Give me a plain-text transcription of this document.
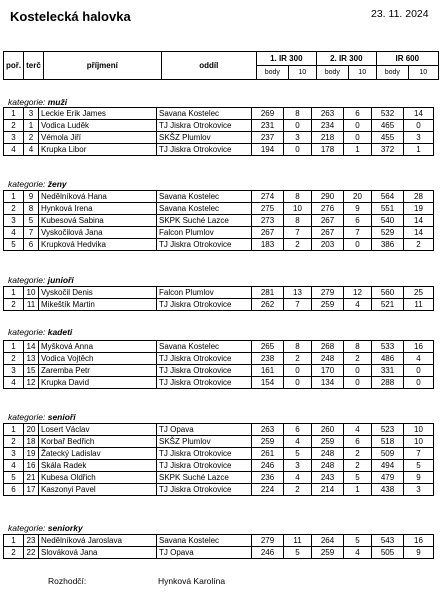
Kostelecká halovka	23. 11. 2024
poř.	terč	příjmení	oddíl	1. IR 300		2. IR 300		IR 600	
				body	10	body	10	body	10
kategorie: muži
1	3	Leckie Erik James	Savana Kostelec	269	8	263	6	532	14
2	1	Vodica Luděk	TJ Jiskra Otrokovice	231	0	234	0	465	0
3	2	Vémola Jiří	SKŠZ Plumlov	237	3	218	0	455	3
4	4	Krupka Libor	TJ Jiskra Otrokovice	194	0	178	1	372	1
kategorie: ženy
1	9	Nedělníková Hana	Savana Kostelec	274	8	290	20	564	28
2	8	Hynková Irena	Savana Kostelec	275	10	276	9	551	19
3	5	Kubesová Sabina	SKPK Suché Lazce	273	8	267	6	540	14
4	7	Vyskočilová Jana	Falcon Plumlov	267	7	267	7	529	14
5	6	Krupková Hedvika	TJ Jiskra Otrokovice	183	2	203	0	386	2
kategorie: junioři
1	10	Vyskočil Denis	Falcon Plumlov	281	13	279	12	560	25
2	11	Mikeštík Martin	TJ Jiskra Otrokovice	262	7	259	4	521	11
kategorie: kadeti
1	14	Myšková Anna	Savana Kostelec	265	8	268	8	533	16
2	13	Vodica Vojtěch	TJ Jiskra Otrokovice	238	2	248	2	486	4
3	15	Zaremba Petr	TJ Jiskra Otrokovice	161	0	170	0	331	0
4	12	Krupka David	TJ Jiskra Otrokovice	154	0	134	0	288	0
kategorie: senioři
1	20	Losert Václav	TJ Opava	263	6	260	4	523	10
2	18	Korbař Bedřich	SKŠZ Plumlov	259	4	259	6	518	10
3	19	Žatecký Ladislav	TJ Jiskra Otrokovice	261	5	248	2	509	7
4	16	Skála Radek	TJ Jiskra Otrokovice	246	3	248	2	494	5
5	21	Kubesa Oldřich	SKPK Suché Lazce	236	4	243	5	479	9
6	17	Kaszonyi Pavel	TJ Jiskra Otrokovice	224	2	214	1	438	3
kategorie: seniorky
1	23	Nedělníková Jaroslava	Savana Kostelec	279	11	264	5	543	16
2	22	Slováková Jana	TJ Opava	246	5	259	4	505	9
Rozhodčí:	Hynková Karolína
